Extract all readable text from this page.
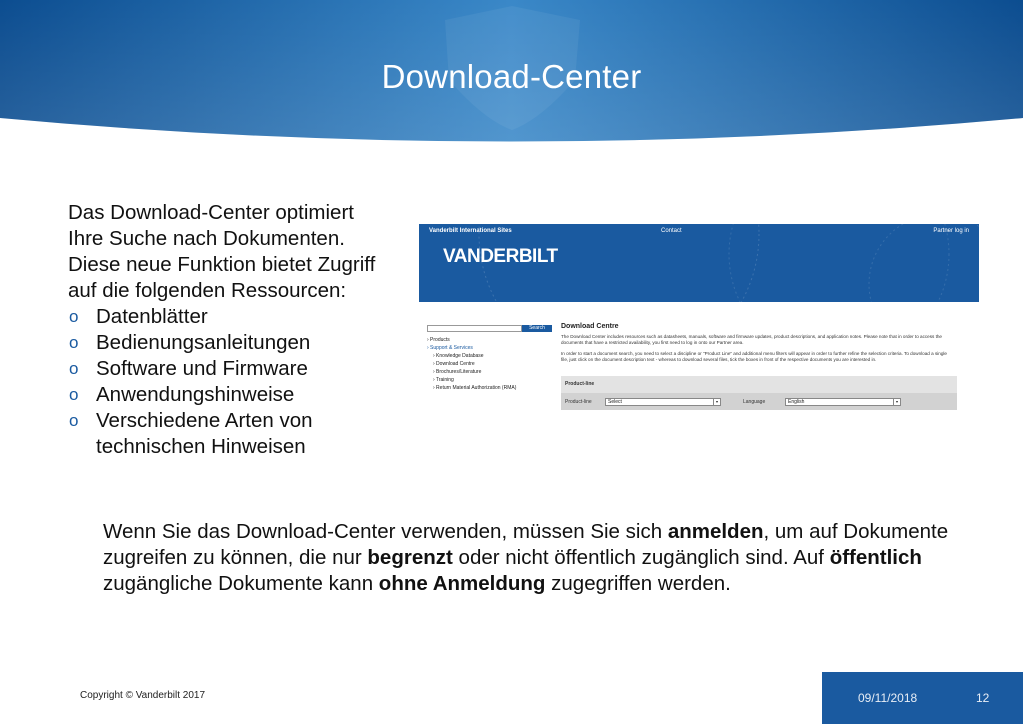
Download-Center

Das Download-Center optimiert Ihre Suche nach Dokumenten. Diese neue Funktion bietet Zugriff auf die folgenden Ressourcen:

o Datenblätter
o Bedienungsanleitungen
o Software und Firmware
o Anwendungshinweise
o Verschiedene Arten von technischen Hinweisen
Vanderbilt International Sites	Contact	Partner log in
VANDERBILT
Search
› Products
› Support & Services
› Knowledge Database
› Download Centre
› Brochures/Literature
› Training
› Return Material Authorization (RMA)
Download Centre
The Download Center includes resources such as datasheets, manuals, software and firmware updates, product descriptions, and application notes. Please note that in order to access the documents that have a restricted availability, you first need to log in onto our Partner area.
In order to start a document search, you need to select a discipline or "Product Line" and additional menu filters will appear in order to further refine the selection criteria. To download a single file, just click on the document description text - whereas to download several files, tick the boxes in front of the respective documents you are interested in.
Product-line
Product-line	Select	▾	Language	English	▾
Wenn Sie das Download-Center verwenden, müssen Sie sich anmelden, um auf Dokumente zugreifen zu können, die nur begrenzt oder nicht öffentlich zugänglich sind. Auf öffentlich zugängliche Dokumente kann ohne Anmeldung zugegriffen werden.
Copyright © Vanderbilt 2017	09/11/2018	12
